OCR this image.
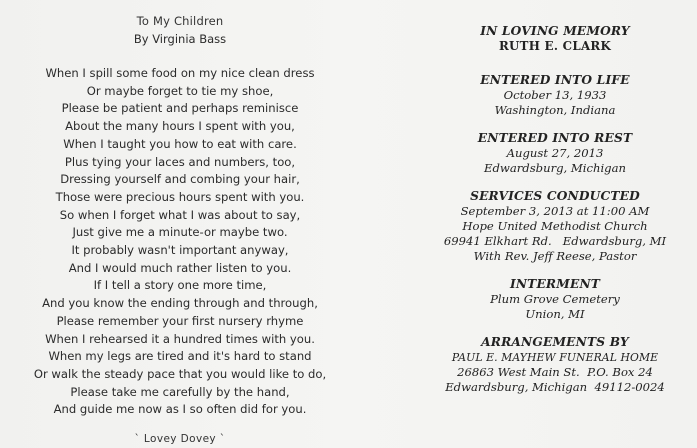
To My Children
By Virginia Bass
When I spill some food on my nice clean dress
Or maybe forget to tie my shoe,
Please be patient and perhaps reminisce
About the many hours I spent with you,
When I taught you how to eat with care.
Plus tying your laces and numbers, too,
Dressing yourself and combing your hair,
Those were precious hours spent with you.
So when I forget what I was about to say,
Just give me a minute-or maybe two.
It probably wasn't important anyway,
And I would much rather listen to you.
If I tell a story one more time,
And you know the ending through and through,
Please remember your first nursery rhyme
When I rehearsed it a hundred times with you.
When my legs are tired and it's hard to stand
Or walk the steady pace that you would like to do,
Please take me carefully by the hand,
And guide me now as I so often did for you.
` Lovey Dovey `
IN LOVING MEMORY
RUTH E. CLARK
ENTERED INTO LIFE
October 13, 1933
Washington, Indiana
ENTERED INTO REST
August 27, 2013
Edwardsburg, Michigan
SERVICES CONDUCTED
September 3, 2013 at 11:00 AM
Hope United Methodist Church
69941 Elkhart Rd.   Edwardsburg, MI
With Rev. Jeff Reese, Pastor
INTERMENT
Plum Grove Cemetery
Union, MI
ARRANGEMENTS BY
PAUL E. MAYHEW FUNERAL HOME
26863 West Main St.  P.O. Box 24
Edwardsburg, Michigan  49112-0024
